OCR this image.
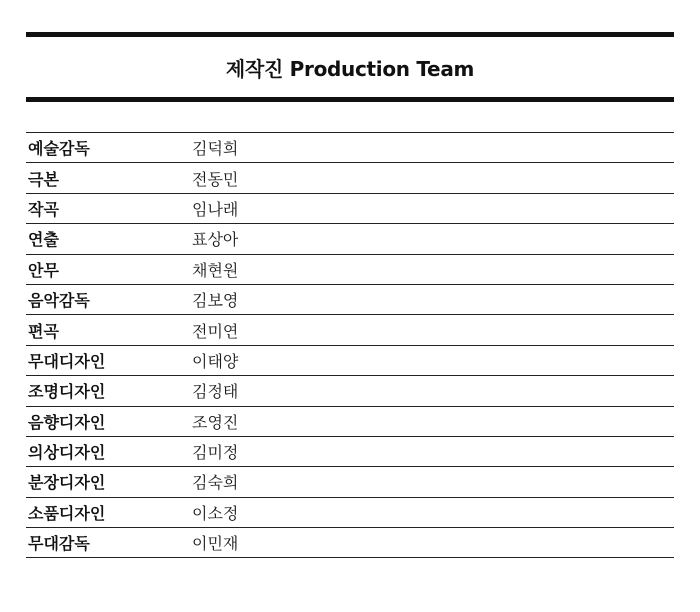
제작진 Production Team
예술감독	김덕희
극본	전동민
작곡	임나래
연출	표상아
안무	채현원
음악감독	김보영
편곡	전미연
무대디자인	이태양
조명디자인	김정태
음향디자인	조영진
의상디자인	김미정
분장디자인	김숙희
소품디자인	이소정
무대감독	이민재
